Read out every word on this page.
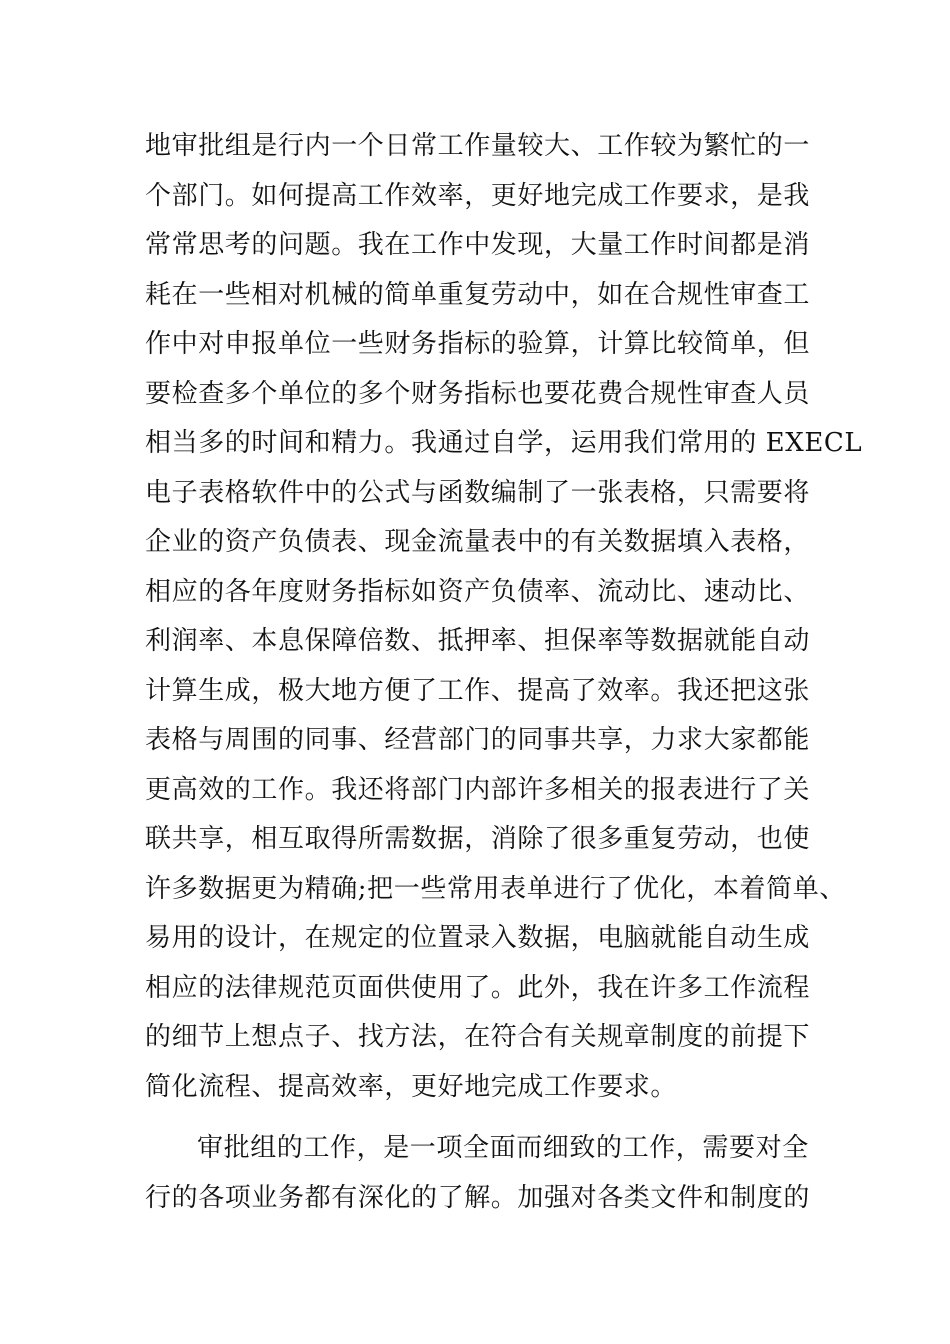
地审批组是行内一个日常工作量较大、工作较为繁忙的一
个部门。如何提高工作效率，更好地完成工作要求，是我
常常思考的问题。我在工作中发现，大量工作时间都是消
耗在一些相对机械的简单重复劳动中，如在合规性审查工
作中对申报单位一些财务指标的验算，计算比较简单，但
要检查多个单位的多个财务指标也要花费合规性审查人员
相当多的时间和精力。我通过自学，运用我们常用的 EXECL
电子表格软件中的公式与函数编制了一张表格，只需要将
企业的资产负债表、现金流量表中的有关数据填入表格，
相应的各年度财务指标如资产负债率、流动比、速动比、
利润率、本息保障倍数、抵押率、担保率等数据就能自动
计算生成，极大地方便了工作、提高了效率。我还把这张
表格与周围的同事、经营部门的同事共享，力求大家都能
更高效的工作。我还将部门内部许多相关的报表进行了关
联共享，相互取得所需数据，消除了很多重复劳动，也使
许多数据更为精确;把一些常用表单进行了优化，本着简单、
易用的设计，在规定的位置录入数据，电脑就能自动生成
相应的法律规范页面供使用了。此外，我在许多工作流程
的细节上想点子、找方法，在符合有关规章制度的前提下
简化流程、提高效率，更好地完成工作要求。
审批组的工作，是一项全面而细致的工作，需要对全
行的各项业务都有深化的了解。加强对各类文件和制度的
